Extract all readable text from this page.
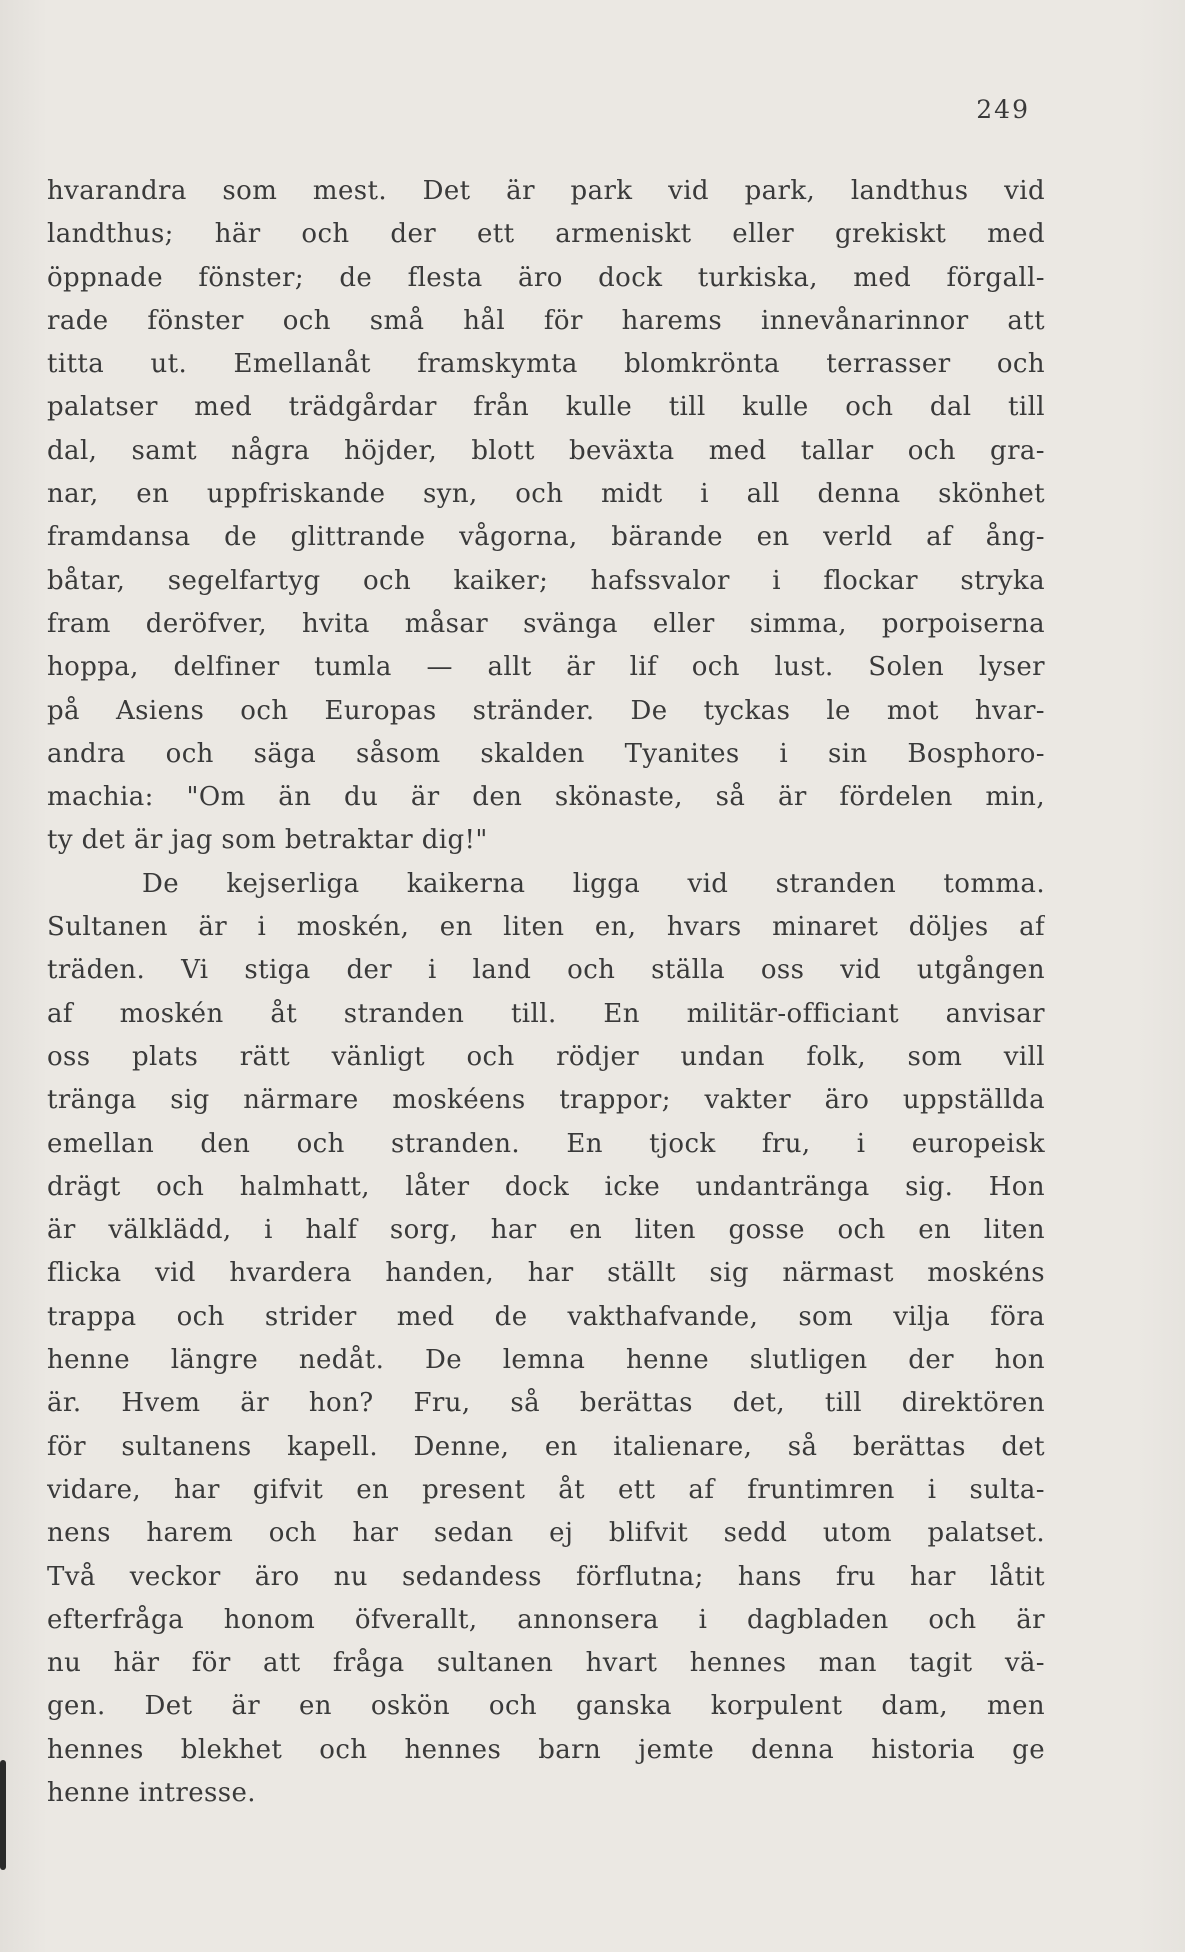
249
hvarandra som mest. Det är park vid park, landthus vid
landthus; här och der ett armeniskt eller grekiskt med
öppnade fönster; de flesta äro dock turkiska, med förgall-
rade fönster och små hål för harems innevånarinnor att
titta ut. Emellanåt framskymta blomkrönta terrasser och
palatser med trädgårdar från kulle till kulle och dal till
dal, samt några höjder, blott beväxta med tallar och gra-
nar, en uppfriskande syn, och midt i all denna skönhet
framdansa de glittrande vågorna, bärande en verld af ång-
båtar, segelfartyg och kaiker; hafssvalor i flockar stryka
fram deröfver, hvita måsar svänga eller simma, porpoiserna
hoppa, delfiner tumla — allt är lif och lust. Solen lyser
på Asiens och Europas stränder. De tyckas le mot hvar-
andra och säga såsom skalden Tyanites i sin Bosphoro-
machia: "Om än du är den skönaste, så är fördelen min,
ty det är jag som betraktar dig!"
De kejserliga kaikerna ligga vid stranden tomma.
Sultanen är i moskén, en liten en, hvars minaret döljes af
träden. Vi stiga der i land och ställa oss vid utgången
af moskén åt stranden till. En militär-officiant anvisar
oss plats rätt vänligt och rödjer undan folk, som vill
tränga sig närmare moskéens trappor; vakter äro uppställda
emellan den och stranden. En tjock fru, i europeisk
drägt och halmhatt, låter dock icke undantränga sig. Hon
är välklädd, i half sorg, har en liten gosse och en liten
flicka vid hvardera handen, har ställt sig närmast moskéns
trappa och strider med de vakthafvande, som vilja föra
henne längre nedåt. De lemna henne slutligen der hon
är. Hvem är hon? Fru, så berättas det, till direktören
för sultanens kapell. Denne, en italienare, så berättas det
vidare, har gifvit en present åt ett af fruntimren i sulta-
nens harem och har sedan ej blifvit sedd utom palatset.
Två veckor äro nu sedandess förflutna; hans fru har låtit
efterfråga honom öfverallt, annonsera i dagbladen och är
nu här för att fråga sultanen hvart hennes man tagit vä-
gen. Det är en oskön och ganska korpulent dam, men
hennes blekhet och hennes barn jemte denna historia ge
henne intresse.
